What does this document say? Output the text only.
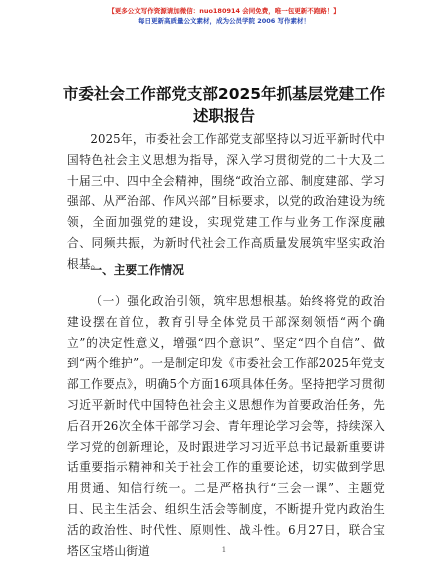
【更多公文写作资源请加微信：nuo180914 会同免费，唯一包更新不跑路！】
每日更新高质量公文素材，成为公员学院 2006 写作素材！
市委社会工作部党支部2025年抓基层党建工作
述职报告

2025年，市委社会工作部党支部坚持以习近平新时代中国特色社会主义思想为指导，深入学习贯彻党的二十大及二十届三中、四中全会精神，围绕“政治立部、制度建部、学习强部、从严治部、作风兴部”目标要求，以党的政治建设为统领，全面加强党的建设，实现党建工作与业务工作深度融合、同频共振，为新时代社会工作高质量发展筑牢坚实政治根基。

一、主要工作情况

（一）强化政治引领，筑牢思想根基。始终将党的政治建设摆在首位，教育引导全体党员干部深刻领悟“两个确立”的决定性意义，增强“四个意识”、坚定“四个自信”、做到“两个维护”。一是制定印发《市委社会工作部2025年党支部工作要点》，明确5个方面16项具体任务。坚持把学习贯彻习近平新时代中国特色社会主义思想作为首要政治任务，先后召开26次全体干部学习会、青年理论学习会等，持续深入学习党的创新理论，及时跟进学习习近平总书记最新重要讲话重要指示精神和关于社会工作的重要论述，切实做到学思用贯通、知信行统一。二是严格执行“三会一课”、主题党日、民主生活会、组织生活会等制度，不断提升党内政治生活的政治性、时代性、原则性、战斗性。6月27日，联合宝塔区宝塔山街道	1
